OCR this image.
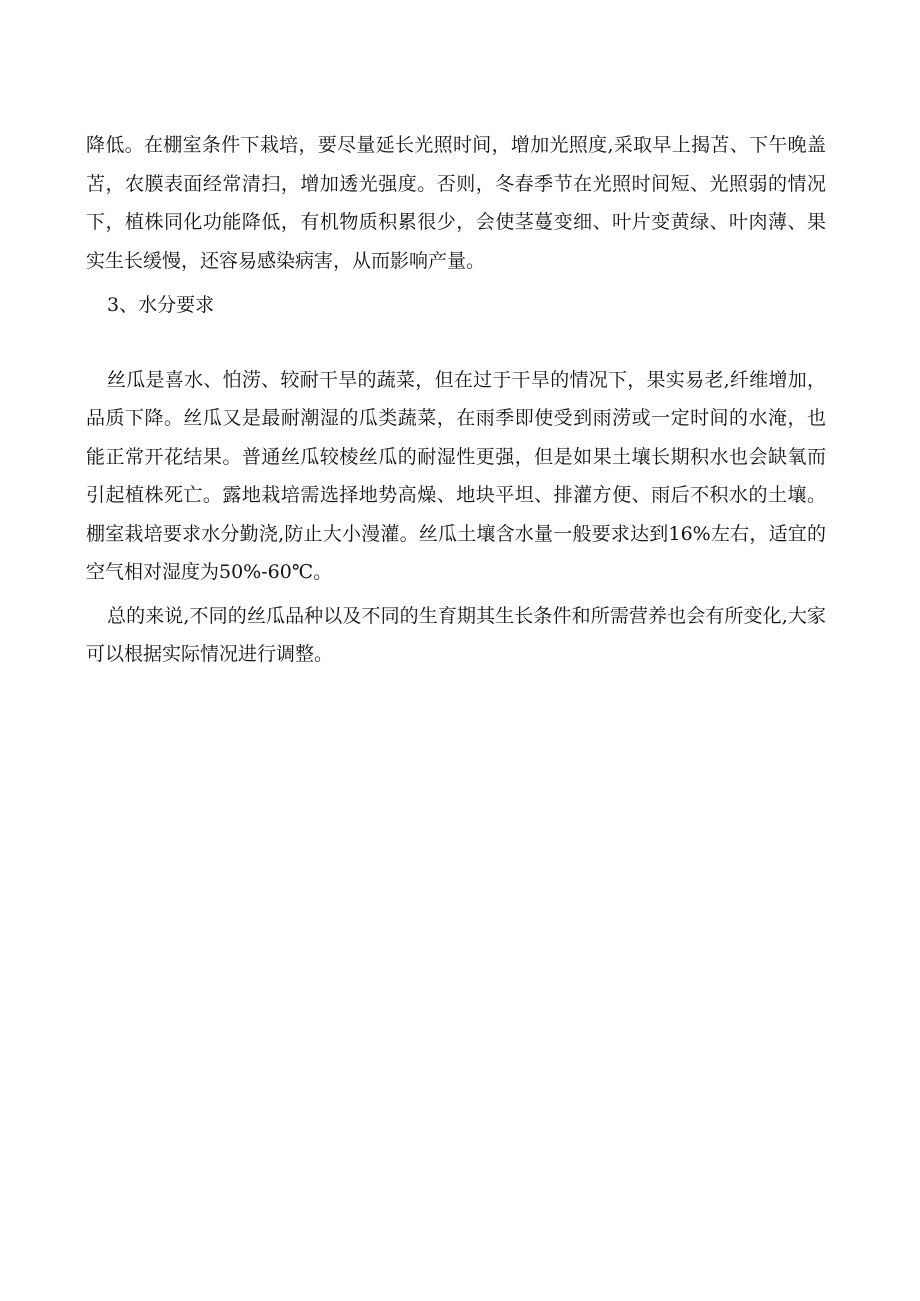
降低。在棚室条件下栽培，要尽量延长光照时间，增加光照度,采取早上揭苫、下午晚盖苫，农膜表面经常清扫，增加透光强度。否则，冬春季节在光照时间短、光照弱的情况下，植株同化功能降低，有机物质积累很少，会使茎蔓变细、叶片变黄绿、叶肉薄、果实生长缓慢，还容易感染病害，从而影响产量。

3、水分要求

丝瓜是喜水、怕涝、较耐干旱的蔬菜，但在过于干旱的情况下，果实易老,纤维增加，品质下降。丝瓜又是最耐潮湿的瓜类蔬菜，在雨季即使受到雨涝或一定时间的水淹，也能正常开花结果。普通丝瓜较棱丝瓜的耐湿性更强，但是如果土壤长期积水也会缺氧而引起植株死亡。露地栽培需选择地势高燥、地块平坦、排灌方便、雨后不积水的土壤。棚室栽培要求水分勤浇,防止大小漫灌。丝瓜土壤含水量一般要求达到16%左右，适宜的空气相对湿度为50%-60℃。

总的来说,不同的丝瓜品种以及不同的生育期其生长条件和所需营养也会有所变化,大家可以根据实际情况进行调整。
